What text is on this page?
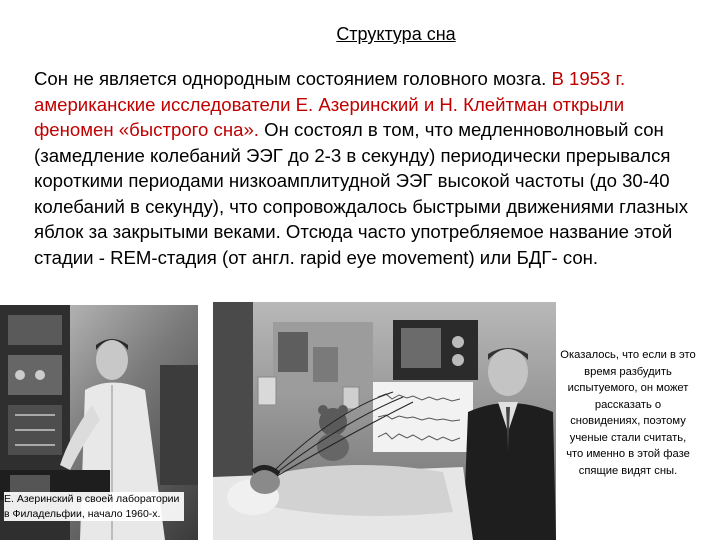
Структура сна
Сон не является однородным состоянием головного мозга. В 1953 г. американские исследователи Е. Азеринский и Н. Клейтман открыли феномен «быстрого сна». Он состоял в том, что медленноволновый сон (замедление колебаний ЭЭГ до 2-3 в секунду) периодически прерывался короткими периодами низкоамплитудной ЭЭГ высокой частоты (до 30-40 колебаний в секунду), что сопровождалось быстрыми движениями глазных яблок за закрытыми веками. Отсюда часто употребляемое название этой стадии - REM-стадия (от англ. rapid eye movement) или БДГ- сон.
Е. Азеринский в своей лаборатории в Филадельфии, начало 1960-х.
Оказалось, что если в это время разбудить испытуемого, он может рассказать о сновидениях, поэтому ученые стали считать, что именно в этой фазе спящие видят сны.
